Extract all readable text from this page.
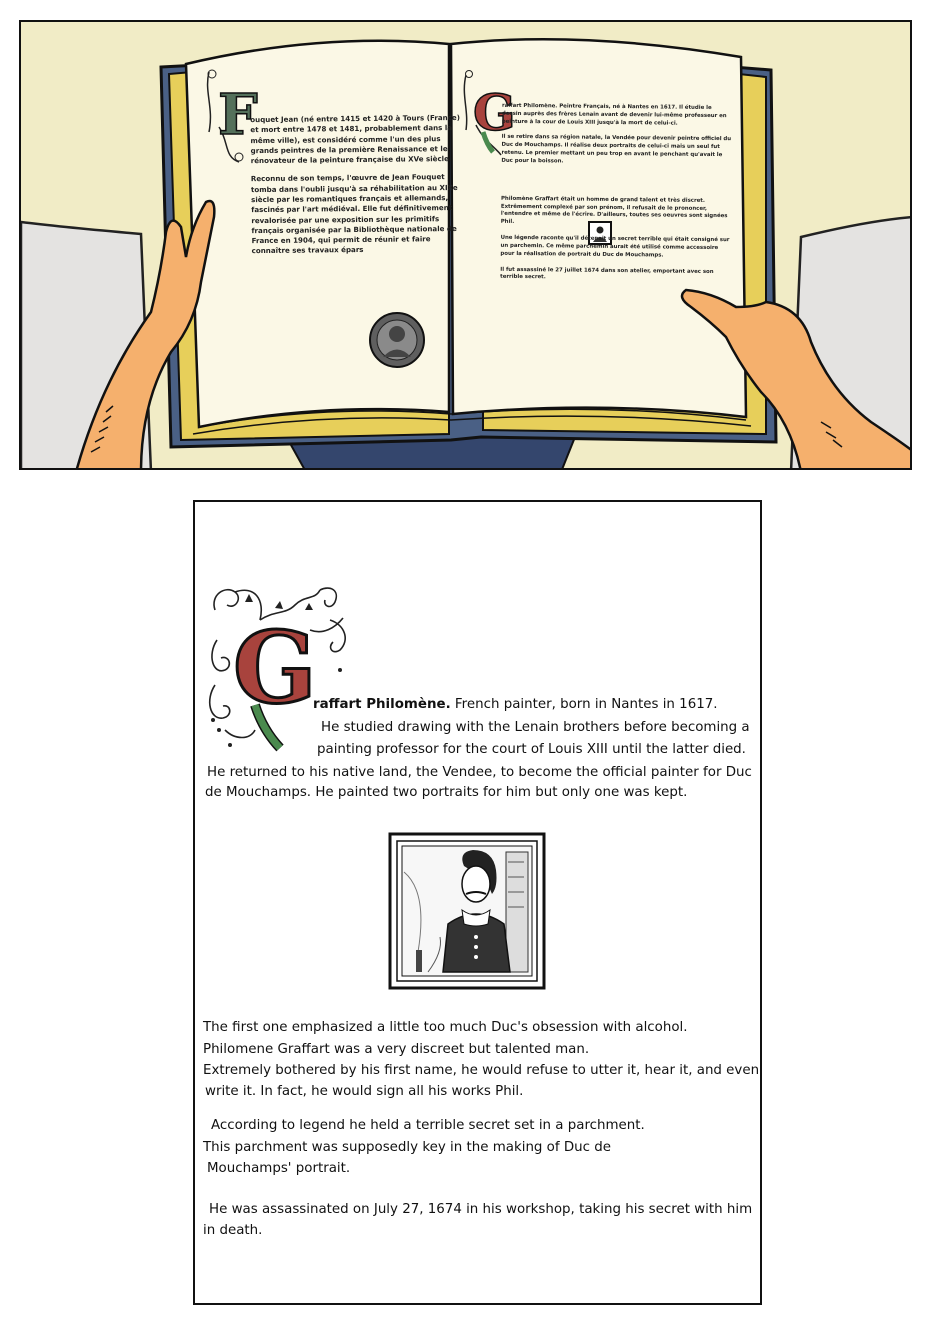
F	G

ouquet Jean (né entre 1415 et 1420 à Tours (France) et mort entre 1478 et 1481, probablement dans la même ville), est considéré comme l'un des plus grands peintres de la première Renaissance et le rénovateur de la peinture française du XVe siècle.

Reconnu de son temps, l'œuvre de Jean Fouquet tomba dans l'oubli jusqu'à sa réhabilitation au XIXe siècle par les romantiques français et allemands, fascinés par l'art médiéval. Elle fut définitivement revalorisée par une exposition sur les primitifs français organisée par la Bibliothèque nationale de France en 1904, qui permit de réunir et faire connaître ses travaux épars

raffart Philomène. Peintre Français, né à Nantes en 1617. Il étudie le dessin auprès des frères Lenain avant de devenir lui-même professeur en peinture à la cour de Louis XIII jusqu'à la mort de celui-ci.

Il se retire dans sa région natale, la Vendée pour devenir peintre officiel du Duc de Mouchamps. Il réalise deux portraits de celui-ci mais un seul fut retenu. Le premier mettant un peu trop en avant le penchant qu'avait le Duc pour la boisson.

Philomène Graffart était un homme de grand talent et très discret. Extrêmement complexé par son prénom, il refusait de le prononcer, l'entendre et même de l'écrire. D'ailleurs, toutes ses oeuvres sont signées Phil.

Une légende raconte qu'il détenait un secret terrible qui était consigné sur un parchemin. Ce même parchemin aurait été utilisé comme accessoire pour la réalisation de portrait du Duc de Mouchamps.

Il fut assassiné le 27 juillet 1674 dans son atelier, emportant avec son terrible secret.

G
raffart Philomène. French painter, born in Nantes in 1617.
He studied drawing with the Lenain brothers before becoming a
painting professor for the court of Louis XIII until the latter died.
He returned to his native land, the Vendee, to become the official painter for Duc
de Mouchamps. He painted two portraits for him but only one was kept.
The first one emphasized a little too much Duc's obsession with alcohol.
Philomene Graffart was a very discreet but talented man.
Extremely bothered by his first name, he would refuse to utter it, hear it, and even
write it. In fact, he would sign all his works Phil.
According to legend he held a terrible secret set in a parchment.
This parchment was supposedly key in the making of Duc de
Mouchamps' portrait.
He was assassinated on July 27, 1674 in his workshop, taking his secret with him
in death.
